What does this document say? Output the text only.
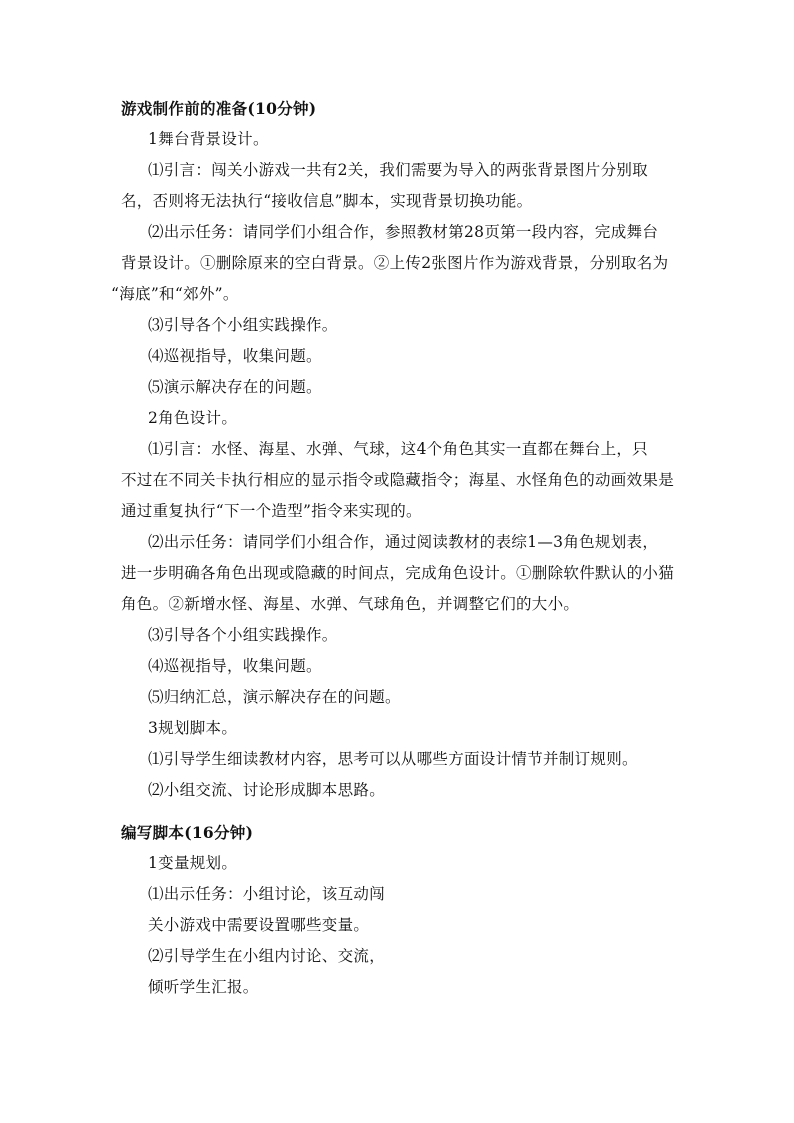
游戏制作前的准备(10分钟)
1舞台背景设计。
⑴引言：闯关小游戏一共有2关，我们需要为导入的两张背景图片分别取
名，否则将无法执行“接收信息”脚本，实现背景切换功能。
⑵出示任务：请同学们小组合作，参照教材第28页第一段内容，完成舞台
背景设计。①删除原来的空白背景。②上传2张图片作为游戏背景，分别取名为
“海底”和“郊外”。
⑶引导各个小组实践操作。
⑷巡视指导，收集问题。
⑸演示解决存在的问题。
2角色设计。
⑴引言：水怪、海星、水弹、气球，这4个角色其实一直都在舞台上，只
不过在不同关卡执行相应的显示指令或隐藏指令；海星、水怪角色的动画效果是
通过重复执行“下一个造型”指令来实现的。
⑵出示任务：请同学们小组合作，通过阅读教材的表综1—3角色规划表，
进一步明确各角色出现或隐藏的时间点，完成角色设计。①删除软件默认的小猫
角色。②新增水怪、海星、水弹、气球角色，并调整它们的大小。
⑶引导各个小组实践操作。
⑷巡视指导，收集问题。
⑸归纳汇总，演示解决存在的问题。
3规划脚本。
⑴引导学生细读教材内容，思考可以从哪些方面设计情节并制订规则。
⑵小组交流、讨论形成脚本思路。
编写脚本(16分钟)
1变量规划。
⑴出示任务：小组讨论，该互动闯
关小游戏中需要设置哪些变量。
⑵引导学生在小组内讨论、交流，
倾听学生汇报。
